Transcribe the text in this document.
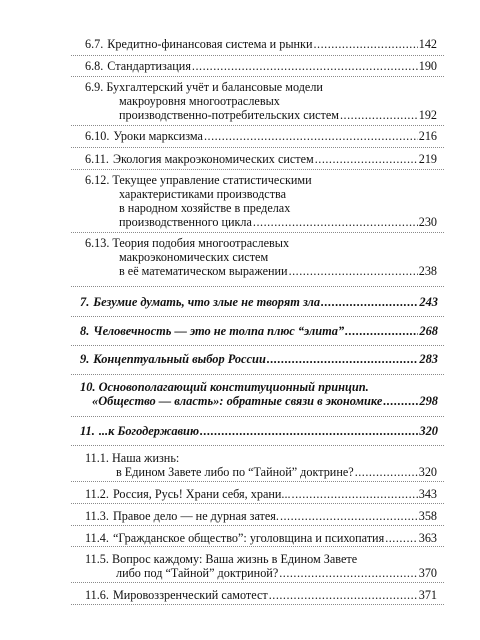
6.7. Кредитно-финансовая система и рынки .....	142
6.8. Стандартизация .....	190
6.9. Бухгалтерский учёт и балансовые модели
макроуровня многоотраслевых
производственно-потребительских систем .....	192
6.10. Уроки марксизма .....	216
6.11. Экология макроэкономических систем .....	219
6.12. Текущее управление статистическими
характеристиками производства
в народном хозяйстве в пределах
производственного цикла .....	230
6.13. Теория подобия многоотраслевых
макроэкономических систем
в её математическом выражении .....	238
7. Безумие думать, что злые не творят зла .....	243
8. Человечность — это не толпа плюс “элита” .....	268
9. Концептуальный выбор России .....	283
10. Основополагающий конституционный принцип.
«Общество — власть»: обратные связи в экономике .....	298
11. ...к Богодержавию .....	320
11.1. Наша жизнь:
в Едином Завете либо по “Тайной” доктрине? .....	320
11.2. Россия, Русь! Храни себя, храни... .....	343
11.3. Правое дело — не дурная затея. .....	358
11.4. “Гражданское общество”: уголовщина и психопатия .....	363
11.5. Вопрос каждому: Ваша жизнь в Едином Завете
либо под “Тайной” доктриной? .....	370
11.6. Мировоззренческий самотест .....	371
